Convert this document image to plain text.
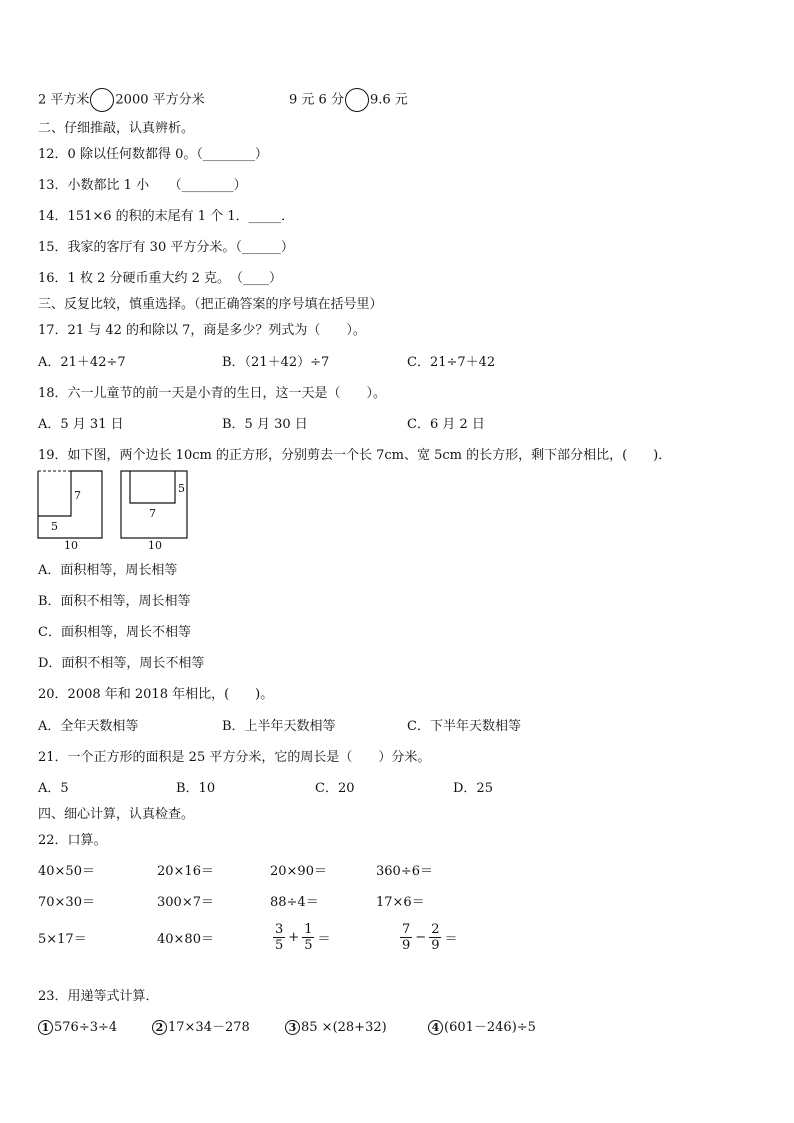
2 平方米 2000 平方分米	9 元 6 分 9.6 元
二、仔细推敲，认真辨析。
12．0 除以任何数都得 0。（________）
13．小数都比 1 小　　（________）
14．151×6 的积的末尾有 1 个 1．_____．
15．我家的客厅有 30 平方分米。（______）
16．1 枚 2 分硬币重大约 2 克。　（____）
三、反复比较，慎重选择。（把正确答案的序号填在括号里）
17．21 与 42 的和除以 7，商是多少？列式为（　　）。
A．21＋42÷7	B．（21＋42）÷7	C．21÷7＋42
18．六一儿童节的前一天是小青的生日，这一天是（　　）。
A．5 月 31 日	B．5 月 30 日	C．6 月 2 日
19．如下图，两个边长 10cm 的正方形，分别剪去一个长 7cm、宽 5cm 的长方形，剩下部分相比，(　　)．
7
5
10
5
7
10
A．面积相等，周长相等
B．面积不相等，周长相等
C．面积相等，周长不相等
D．面积不相等，周长不相等
20．2008 年和 2018 年相比，(　　)。
A．全年天数相等	B．上半年天数相等	C．下半年天数相等
21．一个正方形的面积是 25 平方分米，它的周长是（　　）分米。
A．5	B．10	C．20	D．25
四、细心计算，认真检查。
22．口算。
40×50＝	20×16＝	20×90＝	360÷6＝
70×30＝	300×7＝	88÷4＝	17×6＝
5×17＝	40×80＝	$\frac{3}{5} + \frac{1}{5}$ ＝	$\frac{7}{9} - \frac{2}{9}$ ＝
23．用递等式计算．
1 576÷3÷4	2 17×34－278	3 85 ×(28+32)	4 (601－246)÷5
